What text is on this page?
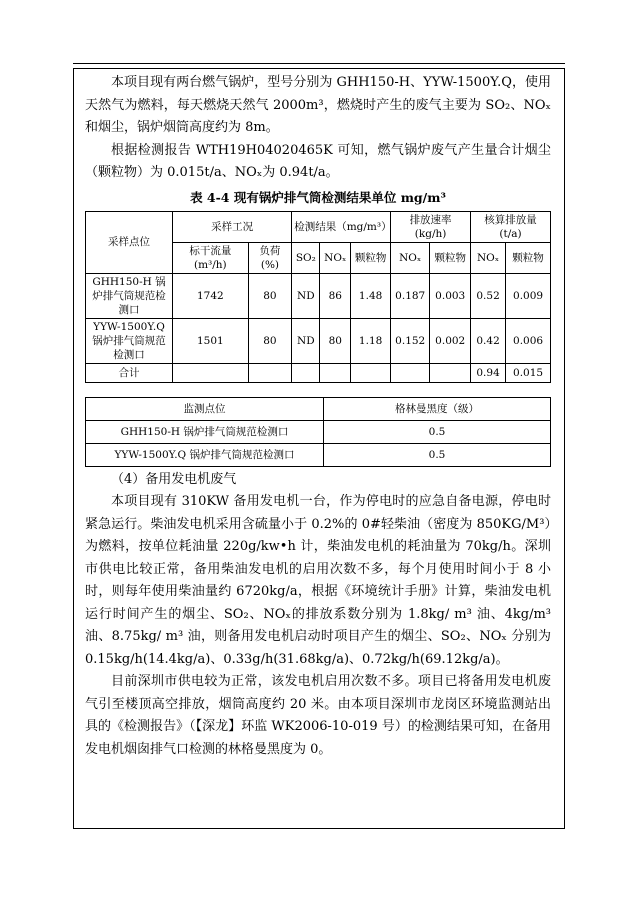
本项目现有两台燃气锅炉，型号分别为 GHH150-H、YYW-1500Y.Q，使用天然气为燃料，每天燃烧天然气 2000m³，燃烧时产生的废气主要为 SO₂、NOₓ和烟尘，锅炉烟筒高度约为 8m。

根据检测报告 WTH19H04020465K 可知，燃气锅炉废气产生量合计烟尘（颗粒物）为 0.015t/a、NOₓ为 0.94t/a。

表 4-4 现有锅炉排气筒检测结果单位 mg/m³
采样点位	采样工况		检测结果（mg/m³）			排放速率 (kg/h)		核算排放量 (t/a)	
	标干流量 (m³/h)	负荷 (%)	SO₂	NOₓ	颗粒物	NOₓ	颗粒物	NOₓ	颗粒物
GHH150-H 锅炉排气筒规范检测口	1742	80	ND	86	1.48	0.187	0.003	0.52	0.009
YYW-1500Y.Q 锅炉排气筒规范检测口	1501	80	ND	80	1.18	0.152	0.002	0.42	0.006
合计								0.94	0.015
监测点位	格林曼黑度（级）
GHH150-H 锅炉排气筒规范检测口	0.5
YYW-1500Y.Q 锅炉排气筒规范检测口	0.5

（4）备用发电机废气

本项目现有 310KW 备用发电机一台，作为停电时的应急自备电源，停电时紧急运行。柴油发电机采用含硫量小于 0.2%的 0#轻柴油（密度为 850KG/M³）为燃料，按单位耗油量 220g/kw•h 计，柴油发电机的耗油量为 70kg/h。深圳市供电比较正常，备用柴油发电机的启用次数不多，每个月使用时间小于 8 小时，则每年使用柴油量约 6720kg/a，根据《环境统计手册》计算，柴油发电机运行时间产生的烟尘、SO₂、NOₓ的排放系数分别为 1.8kg/ m³ 油、4kg/m³油、8.75kg/ m³ 油，则备用发电机启动时项目产生的烟尘、SO₂、NOₓ 分别为 0.15kg/h(14.4kg/a)、0.33g/h(31.68kg/a)、0.72kg/h(69.12kg/a)。

目前深圳市供电较为正常，该发电机启用次数不多。项目已将备用发电机废气引至楼顶高空排放，烟筒高度约 20 米。由本项目深圳市龙岗区环境监测站出具的《检测报告》（【深龙】环监 WK2006-10-019 号）的检测结果可知，在备用发电机烟囱排气口检测的林格曼黑度为 0。
